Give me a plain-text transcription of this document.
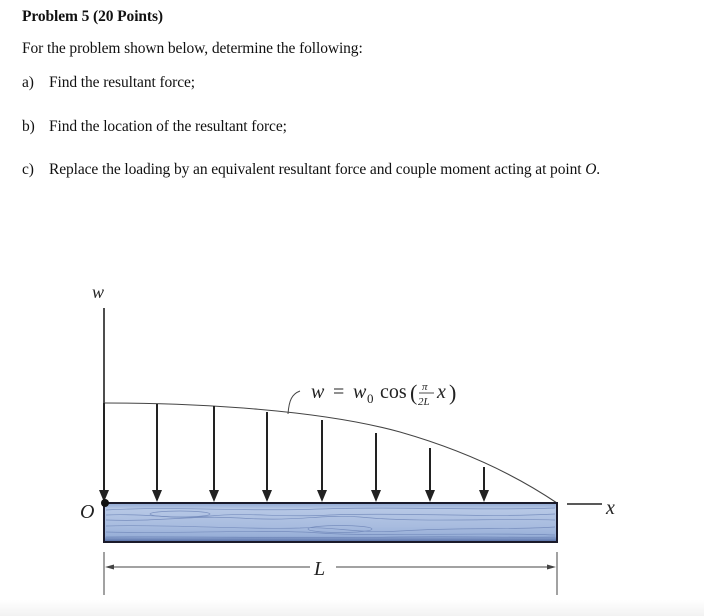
Problem 5 (20 Points)
For the problem shown below, determine the following:
a) Find the resultant force;
b) Find the location of the resultant force;
c) Replace the loading by an equivalent resultant force and couple moment acting at point O.
w
O	x
L
w = w 0 cos ( π
2L x )
